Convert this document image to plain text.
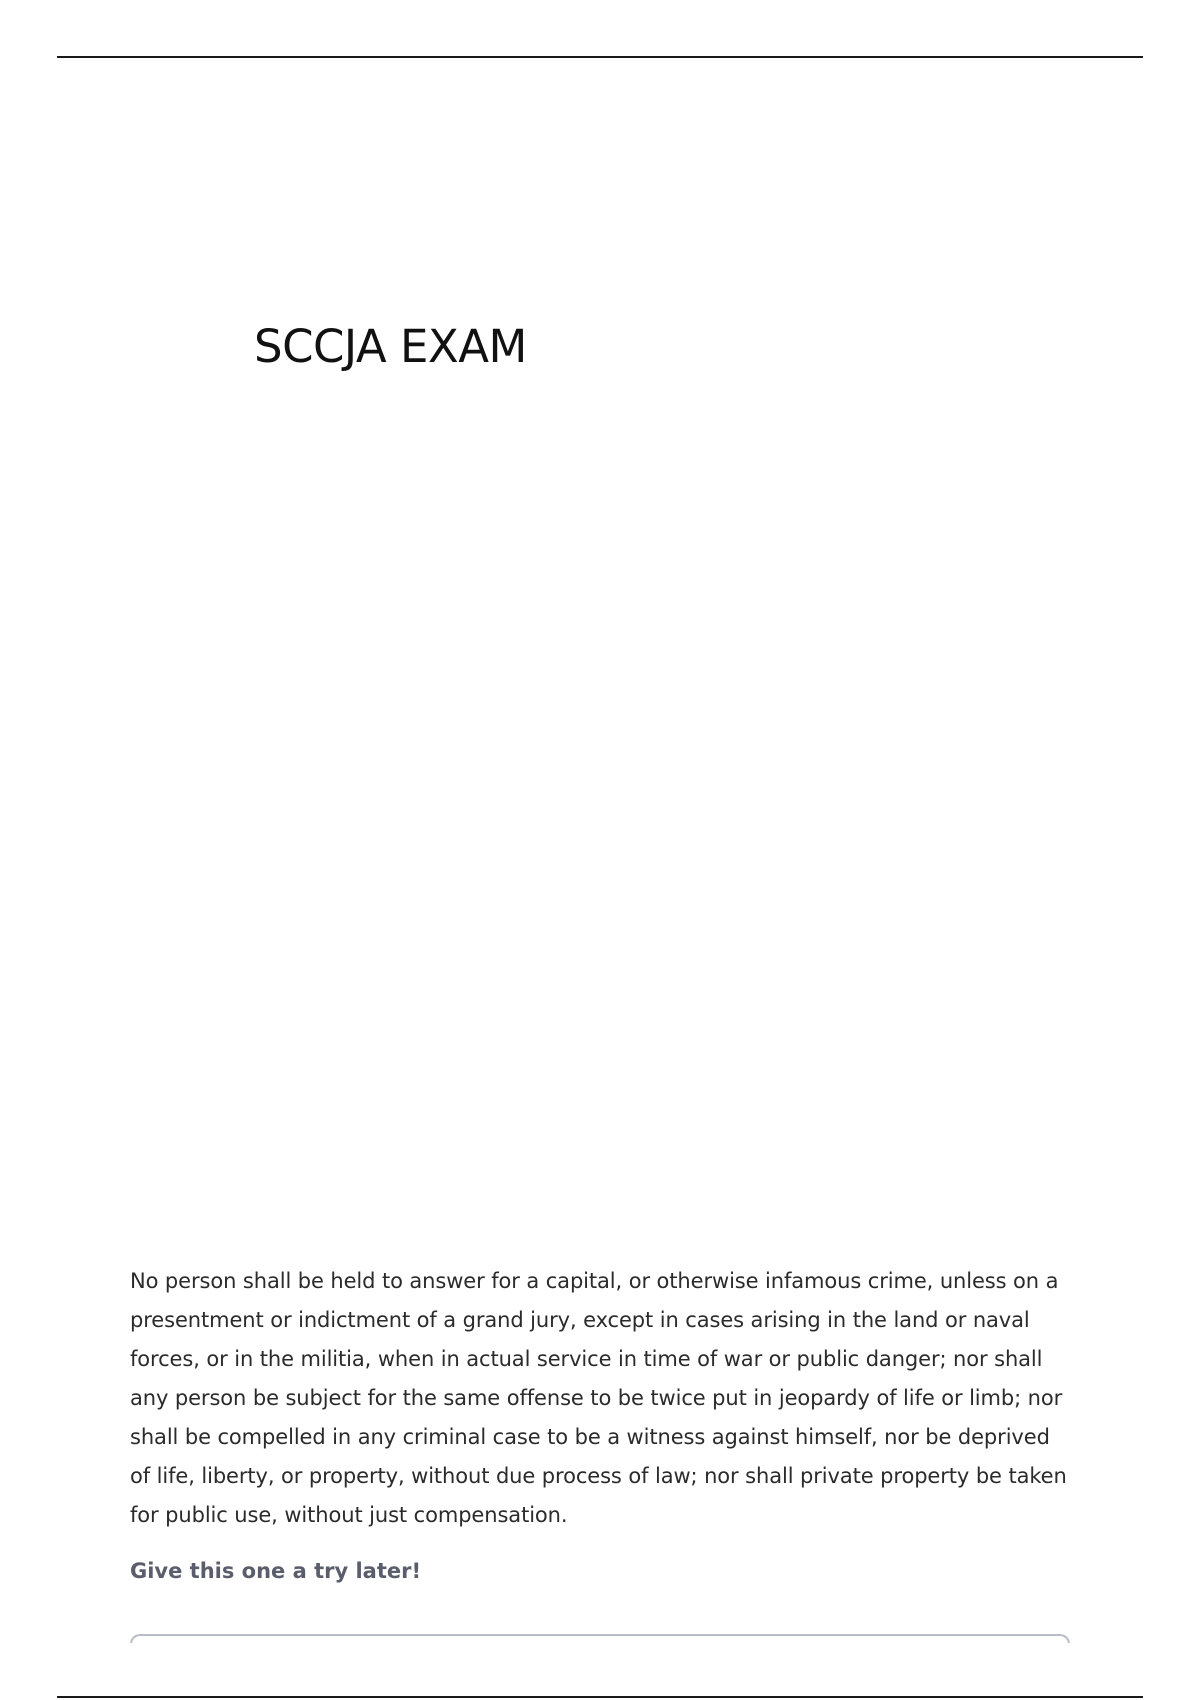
SCCJA EXAM

No person shall be held to answer for a capital, or otherwise infamous crime, unless on a presentment or indictment of a grand jury, except in cases arising in the land or naval forces, or in the militia, when in actual service in time of war or public danger; nor shall any person be subject for the same offense to be twice put in jeopardy of life or limb; nor shall be compelled in any criminal case to be a witness against himself, nor be deprived of life, liberty, or property, without due process of law; nor shall private property be taken for public use, without just compensation.

Give this one a try later!
